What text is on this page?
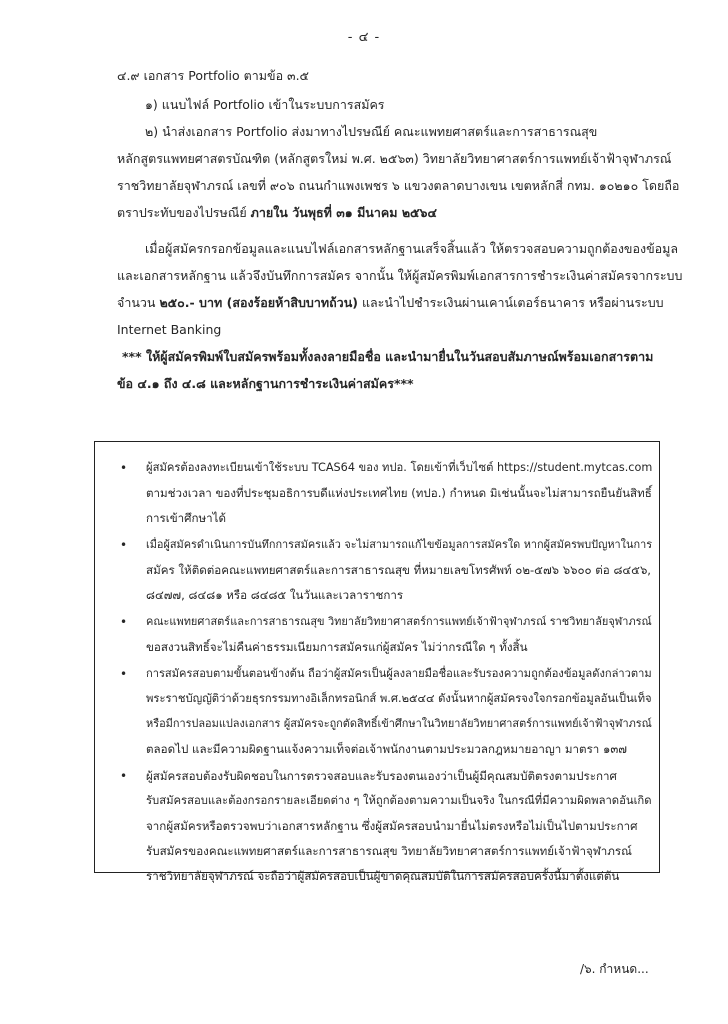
- ๔ -
๔.๙ เอกสาร Portfolio ตามข้อ ๓.๕
๑) แนบไฟล์ Portfolio เข้าในระบบการสมัคร
๒) นำส่งเอกสาร Portfolio ส่งมาทางไปรษณีย์ คณะแพทยศาสตร์และการสาธารณสุข
หลักสูตรแพทยศาสตรบัณฑิต (หลักสูตรใหม่ พ.ศ. ๒๕๖๓) วิทยาลัยวิทยาศาสตร์การแพทย์เจ้าฟ้าจุฬาภรณ์
ราชวิทยาลัยจุฬาภรณ์ เลขที่ ๙๐๖ ถนนกำแพงเพชร ๖ แขวงตลาดบางเขน เขตหลักสี่ กทม. ๑๐๒๑๐ โดยถือ
ตราประทับของไปรษณีย์ ภายใน วันพุธที่ ๓๑ มีนาคม ๒๕๖๔
เมื่อผู้สมัครกรอกข้อมูลและแนบไฟล์เอกสารหลักฐานเสร็จสิ้นแล้ว ให้ตรวจสอบความถูกต้องของข้อมูล
และเอกสารหลักฐาน แล้วจึงบันทึกการสมัคร จากนั้น ให้ผู้สมัครพิมพ์เอกสารการชำระเงินค่าสมัครจากระบบ
จำนวน ๒๕๐.- บาท (สองร้อยห้าสิบบาทถ้วน) และนำไปชำระเงินผ่านเคาน์เตอร์ธนาคาร หรือผ่านระบบ
Internet Banking
*** ให้ผู้สมัครพิมพ์ใบสมัครพร้อมทั้งลงลายมือชื่อ และนำมายื่นในวันสอบสัมภาษณ์พร้อมเอกสารตาม
ข้อ ๔.๑ ถึง ๔.๘ และหลักฐานการชำระเงินค่าสมัคร***
• ผู้สมัครต้องลงทะเบียนเข้าใช้ระบบ TCAS64 ของ ทปอ. โดยเข้าที่เว็บไซต์ https://student.mytcas.com
ตามช่วงเวลา ของที่ประชุมอธิการบดีแห่งประเทศไทย (ทปอ.) กำหนด มิเช่นนั้นจะไม่สามารถยืนยันสิทธิ์
การเข้าศึกษาได้
• เมื่อผู้สมัครดำเนินการบันทึกการสมัครแล้ว จะไม่สามารถแก้ไขข้อมูลการสมัครใด หากผู้สมัครพบปัญหาในการ
สมัคร ให้ติดต่อคณะแพทยศาสตร์และการสาธารณสุข ที่หมายเลขโทรศัพท์ ๐๒-๕๗๖ ๖๖๐๐ ต่อ ๘๔๕๖,
๘๔๗๗, ๘๔๘๑ หรือ ๘๔๘๕ ในวันและเวลาราชการ
• คณะแพทยศาสตร์และการสาธารณสุข วิทยาลัยวิทยาศาสตร์การแพทย์เจ้าฟ้าจุฬาภรณ์ ราชวิทยาลัยจุฬาภรณ์
ขอสงวนสิทธิ์จะไม่คืนค่าธรรมเนียมการสมัครแก่ผู้สมัคร ไม่ว่ากรณีใด ๆ ทั้งสิ้น
• การสมัครสอบตามขั้นตอนข้างต้น ถือว่าผู้สมัครเป็นผู้ลงลายมือชื่อและรับรองความถูกต้องข้อมูลดังกล่าวตาม
พระราชบัญญัติว่าด้วยธุรกรรมทางอิเล็กทรอนิกส์ พ.ศ.๒๕๔๔ ดังนั้นหากผู้สมัครจงใจกรอกข้อมูลอันเป็นเท็จ
หรือมีการปลอมแปลงเอกสาร ผู้สมัครจะถูกตัดสิทธิ์เข้าศึกษาในวิทยาลัยวิทยาศาสตร์การแพทย์เจ้าฟ้าจุฬาภรณ์
ตลอดไป และมีความผิดฐานแจ้งความเท็จต่อเจ้าพนักงานตามประมวลกฎหมายอาญา มาตรา ๑๓๗
• ผู้สมัครสอบต้องรับผิดชอบในการตรวจสอบและรับรองตนเองว่าเป็นผู้มีคุณสมบัติตรงตามประกาศ
รับสมัครสอบและต้องกรอกรายละเอียดต่าง ๆ ให้ถูกต้องตามความเป็นจริง ในกรณีที่มีความผิดพลาดอันเกิด
จากผู้สมัครหรือตรวจพบว่าเอกสารหลักฐาน ซึ่งผู้สมัครสอบนำมายื่นไม่ตรงหรือไม่เป็นไปตามประกาศ
รับสมัครของคณะแพทยศาสตร์และการสาธารณสุข วิทยาลัยวิทยาศาสตร์การแพทย์เจ้าฟ้าจุฬาภรณ์
ราชวิทยาลัยจุฬาภรณ์ จะถือว่าผู้สมัครสอบเป็นผู้ขาดคุณสมบัติในการสมัครสอบครั้งนี้มาตั้งแต่ต้น
/๖. กำหนด...
